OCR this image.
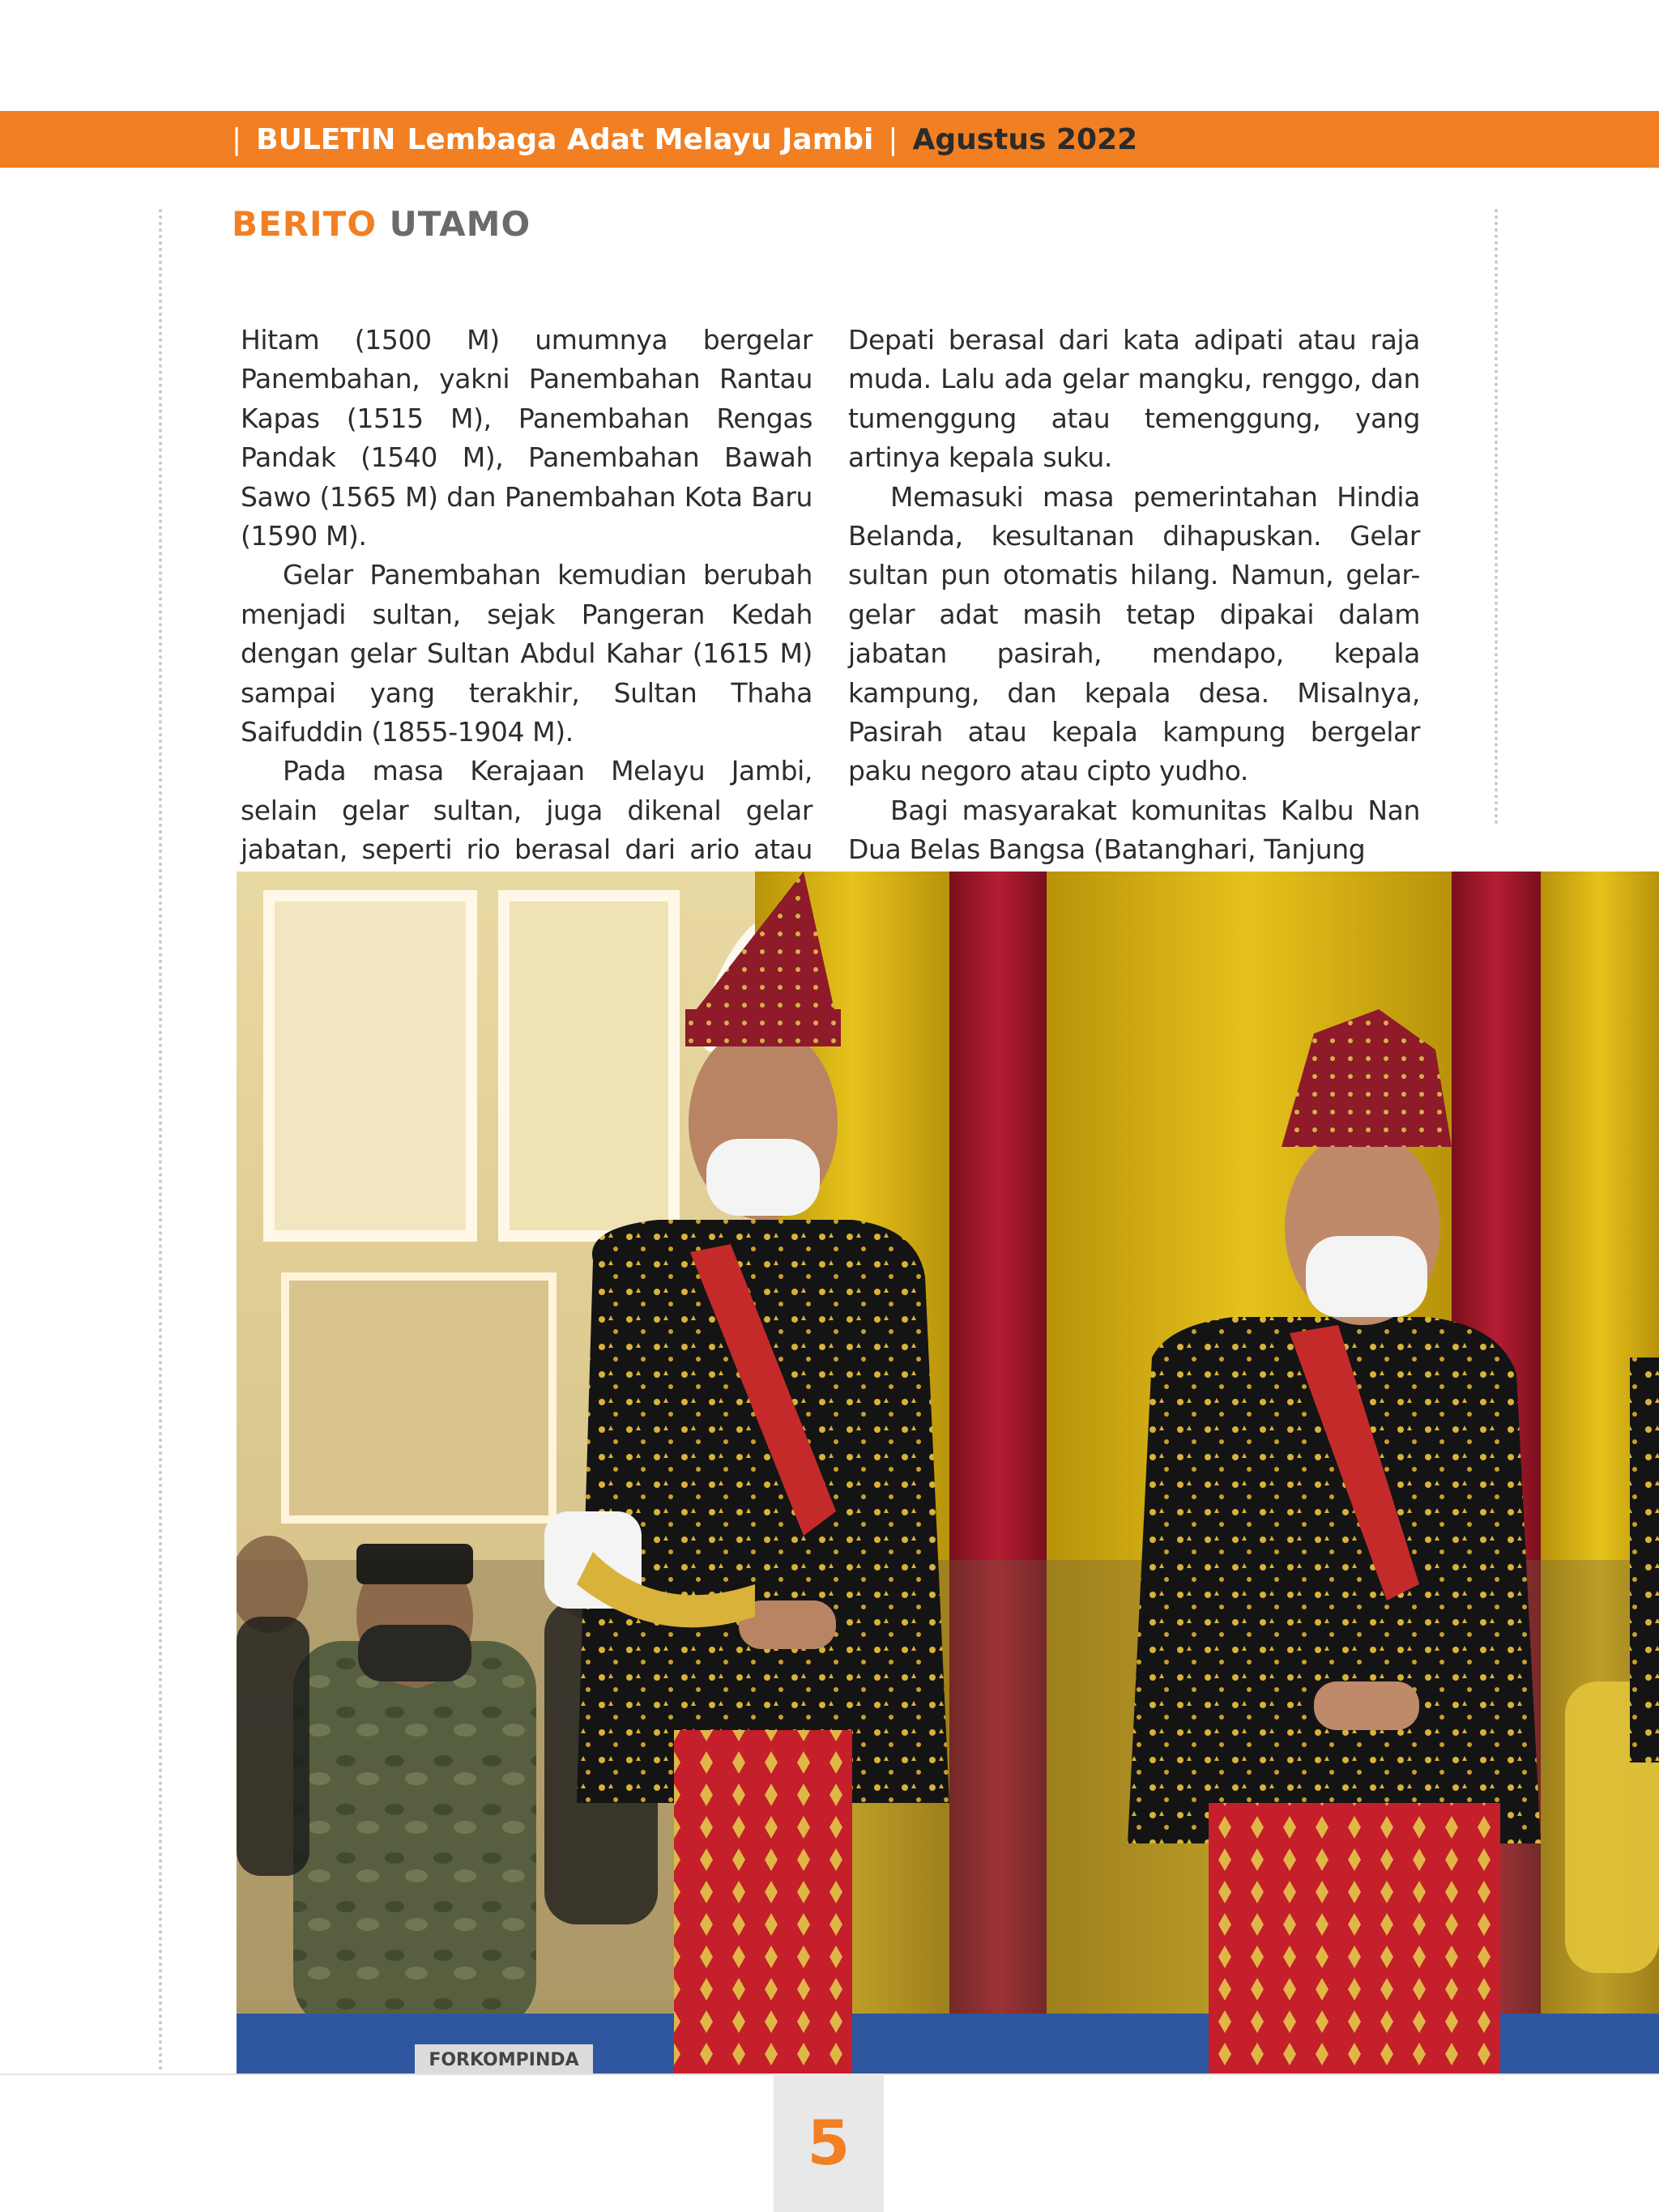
| BULETIN Lembaga Adat Melayu Jambi | Agustus 2022
BERITO UTAMO

Hitam (1500 M) umumnya bergelar Panembahan, yakni Panembahan Rantau Kapas (1515 M), Panembahan Rengas Pandak (1540 M), Panembahan Bawah Sawo (1565 M) dan Panembahan Kota Baru (1590 M).

Gelar Panembahan kemudian berubah menjadi sultan, sejak Pangeran Kedah dengan gelar Sultan Abdul Kahar (1615 M) sampai yang terakhir, Sultan Thaha Saifuddin (1855-1904 M).

Pada masa Kerajaan Melayu Jambi, selain gelar sultan, juga dikenal gelar jabatan, seperti rio berasal dari ario atau

Depati berasal dari kata adipati atau raja muda. Lalu ada gelar mangku, renggo, dan tumenggung atau temenggung, yang artinya kepala suku.

Memasuki masa pemerintahan Hindia Belanda, kesultanan dihapuskan. Gelar sultan pun otomatis hilang. Namun, gelar-gelar adat masih tetap dipakai dalam jabatan pasirah, mendapo, kepala kampung, dan kepala desa. Misalnya, Pasirah atau kepala kampung bergelar paku negoro atau cipto yudho.

Bagi masyarakat komunitas Kalbu Nan Dua Belas Bangsa (Batanghari, Tanjung

FORKOMPINDA
5
